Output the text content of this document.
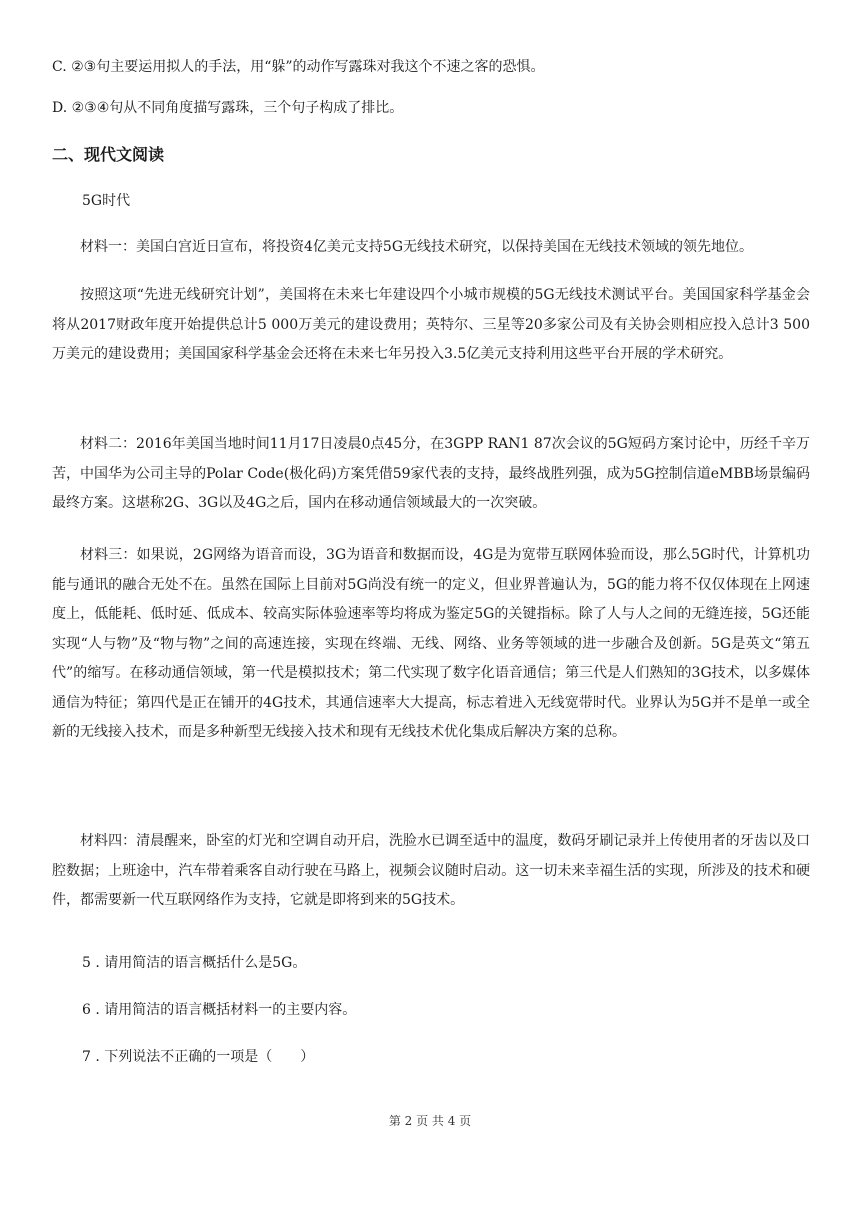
C. ②③句主要运用拟人的手法，用“躲”的动作写露珠对我这个不速之客的恐惧。
D. ②③④句从不同角度描写露珠，三个句子构成了排比。
二、现代文阅读
5G时代
材料一：美国白宫近日宣布，将投资4亿美元支持5G无线技术研究，以保持美国在无线技术领域的领先地位。
按照这项“先进无线研究计划”，美国将在未来七年建设四个小城市规模的5G无线技术测试平台。美国国家科学基金会将从2017财政年度开始提供总计5 000万美元的建设费用；英特尔、三星等20多家公司及有关协会则相应投入总计3 500万美元的建设费用；美国国家科学基金会还将在未来七年另投入3.5亿美元支持利用这些平台开展的学术研究。
材料二：2016年美国当地时间11月17日凌晨0点45分，在3GPP RAN1 87次会议的5G短码方案讨论中，历经千辛万苦，中国华为公司主导的Polar Code(极化码)方案凭借59家代表的支持，最终战胜列强，成为5G控制信道eMBB场景编码最终方案。这堪称2G、3G以及4G之后，国内在移动通信领域最大的一次突破。
材料三：如果说，2G网络为语音而设，3G为语音和数据而设，4G是为宽带互联网体验而设，那么5G时代，计算机功能与通讯的融合无处不在。虽然在国际上目前对5G尚没有统一的定义，但业界普遍认为，5G的能力将不仅仅体现在上网速度上，低能耗、低时延、低成本、较高实际体验速率等均将成为鉴定5G的关键指标。除了人与人之间的无缝连接，5G还能实现“人与物”及“物与物”之间的高速连接，实现在终端、无线、网络、业务等领域的进一步融合及创新。5G是英文“第五代”的缩写。在移动通信领域，第一代是模拟技术；第二代实现了数字化语音通信；第三代是人们熟知的3G技术，以多媒体通信为特征；第四代是正在铺开的4G技术，其通信速率大大提高，标志着进入无线宽带时代。业界认为5G并不是单一或全新的无线接入技术，而是多种新型无线接入技术和现有无线技术优化集成后解决方案的总称。
材料四：清晨醒来，卧室的灯光和空调自动开启，洗脸水已调至适中的温度，数码牙刷记录并上传使用者的牙齿以及口腔数据；上班途中，汽车带着乘客自动行驶在马路上，视频会议随时启动。这一切未来幸福生活的实现，所涉及的技术和硬件，都需要新一代互联网络作为支持，它就是即将到来的5G技术。
5 . 请用简洁的语言概括什么是5G。
6 . 请用简洁的语言概括材料一的主要内容。
7 . 下列说法不正确的一项是（　　）
第 2 页 共 4 页
